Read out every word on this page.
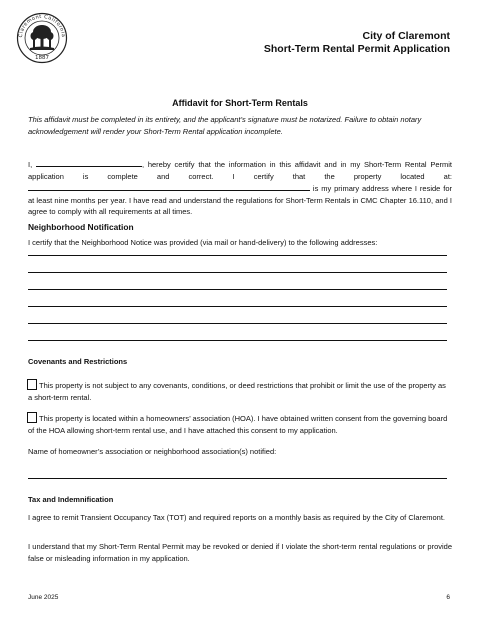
1887
Claremont California	City of Claremont
Short-Term Rental Permit Application
Affidavit for Short-Term Rentals
This affidavit must be completed in its entirety, and the applicant’s signature must be notarized. Failure to obtain notary acknowledgement will render your Short-Term Rental application incomplete.
I,	, hereby certify that the information in this affidavit and in my Short-Term Rental Permit application is complete and correct. I certify that the property located at:  is my primary address where I reside for at least nine months per year. I have read and understand the regulations for Short-Term Rentals in CMC Chapter 16.110, and I agree to comply with all requirements at all times.
Neighborhood Notification
I certify that the Neighborhood Notice was provided (via mail or hand-delivery) to the following addresses:
Covenants and Restrictions
This property is not subject to any covenants, conditions, or deed restrictions that prohibit or limit the use of the property as a short-term rental.
This property is located within a homeowners’ association (HOA). I have obtained written consent from the governing board of the HOA allowing short-term rental use, and I have attached this consent to my application.
Name of homeowner’s association or neighborhood association(s) notified:
Tax and Indemnification
I agree to remit Transient Occupancy Tax (TOT) and required reports on a monthly basis as required by the City of Claremont.
I understand that my Short-Term Rental Permit may be revoked or denied if I violate the short-term rental regulations or provide false or misleading information in my application.
June 2025	6
